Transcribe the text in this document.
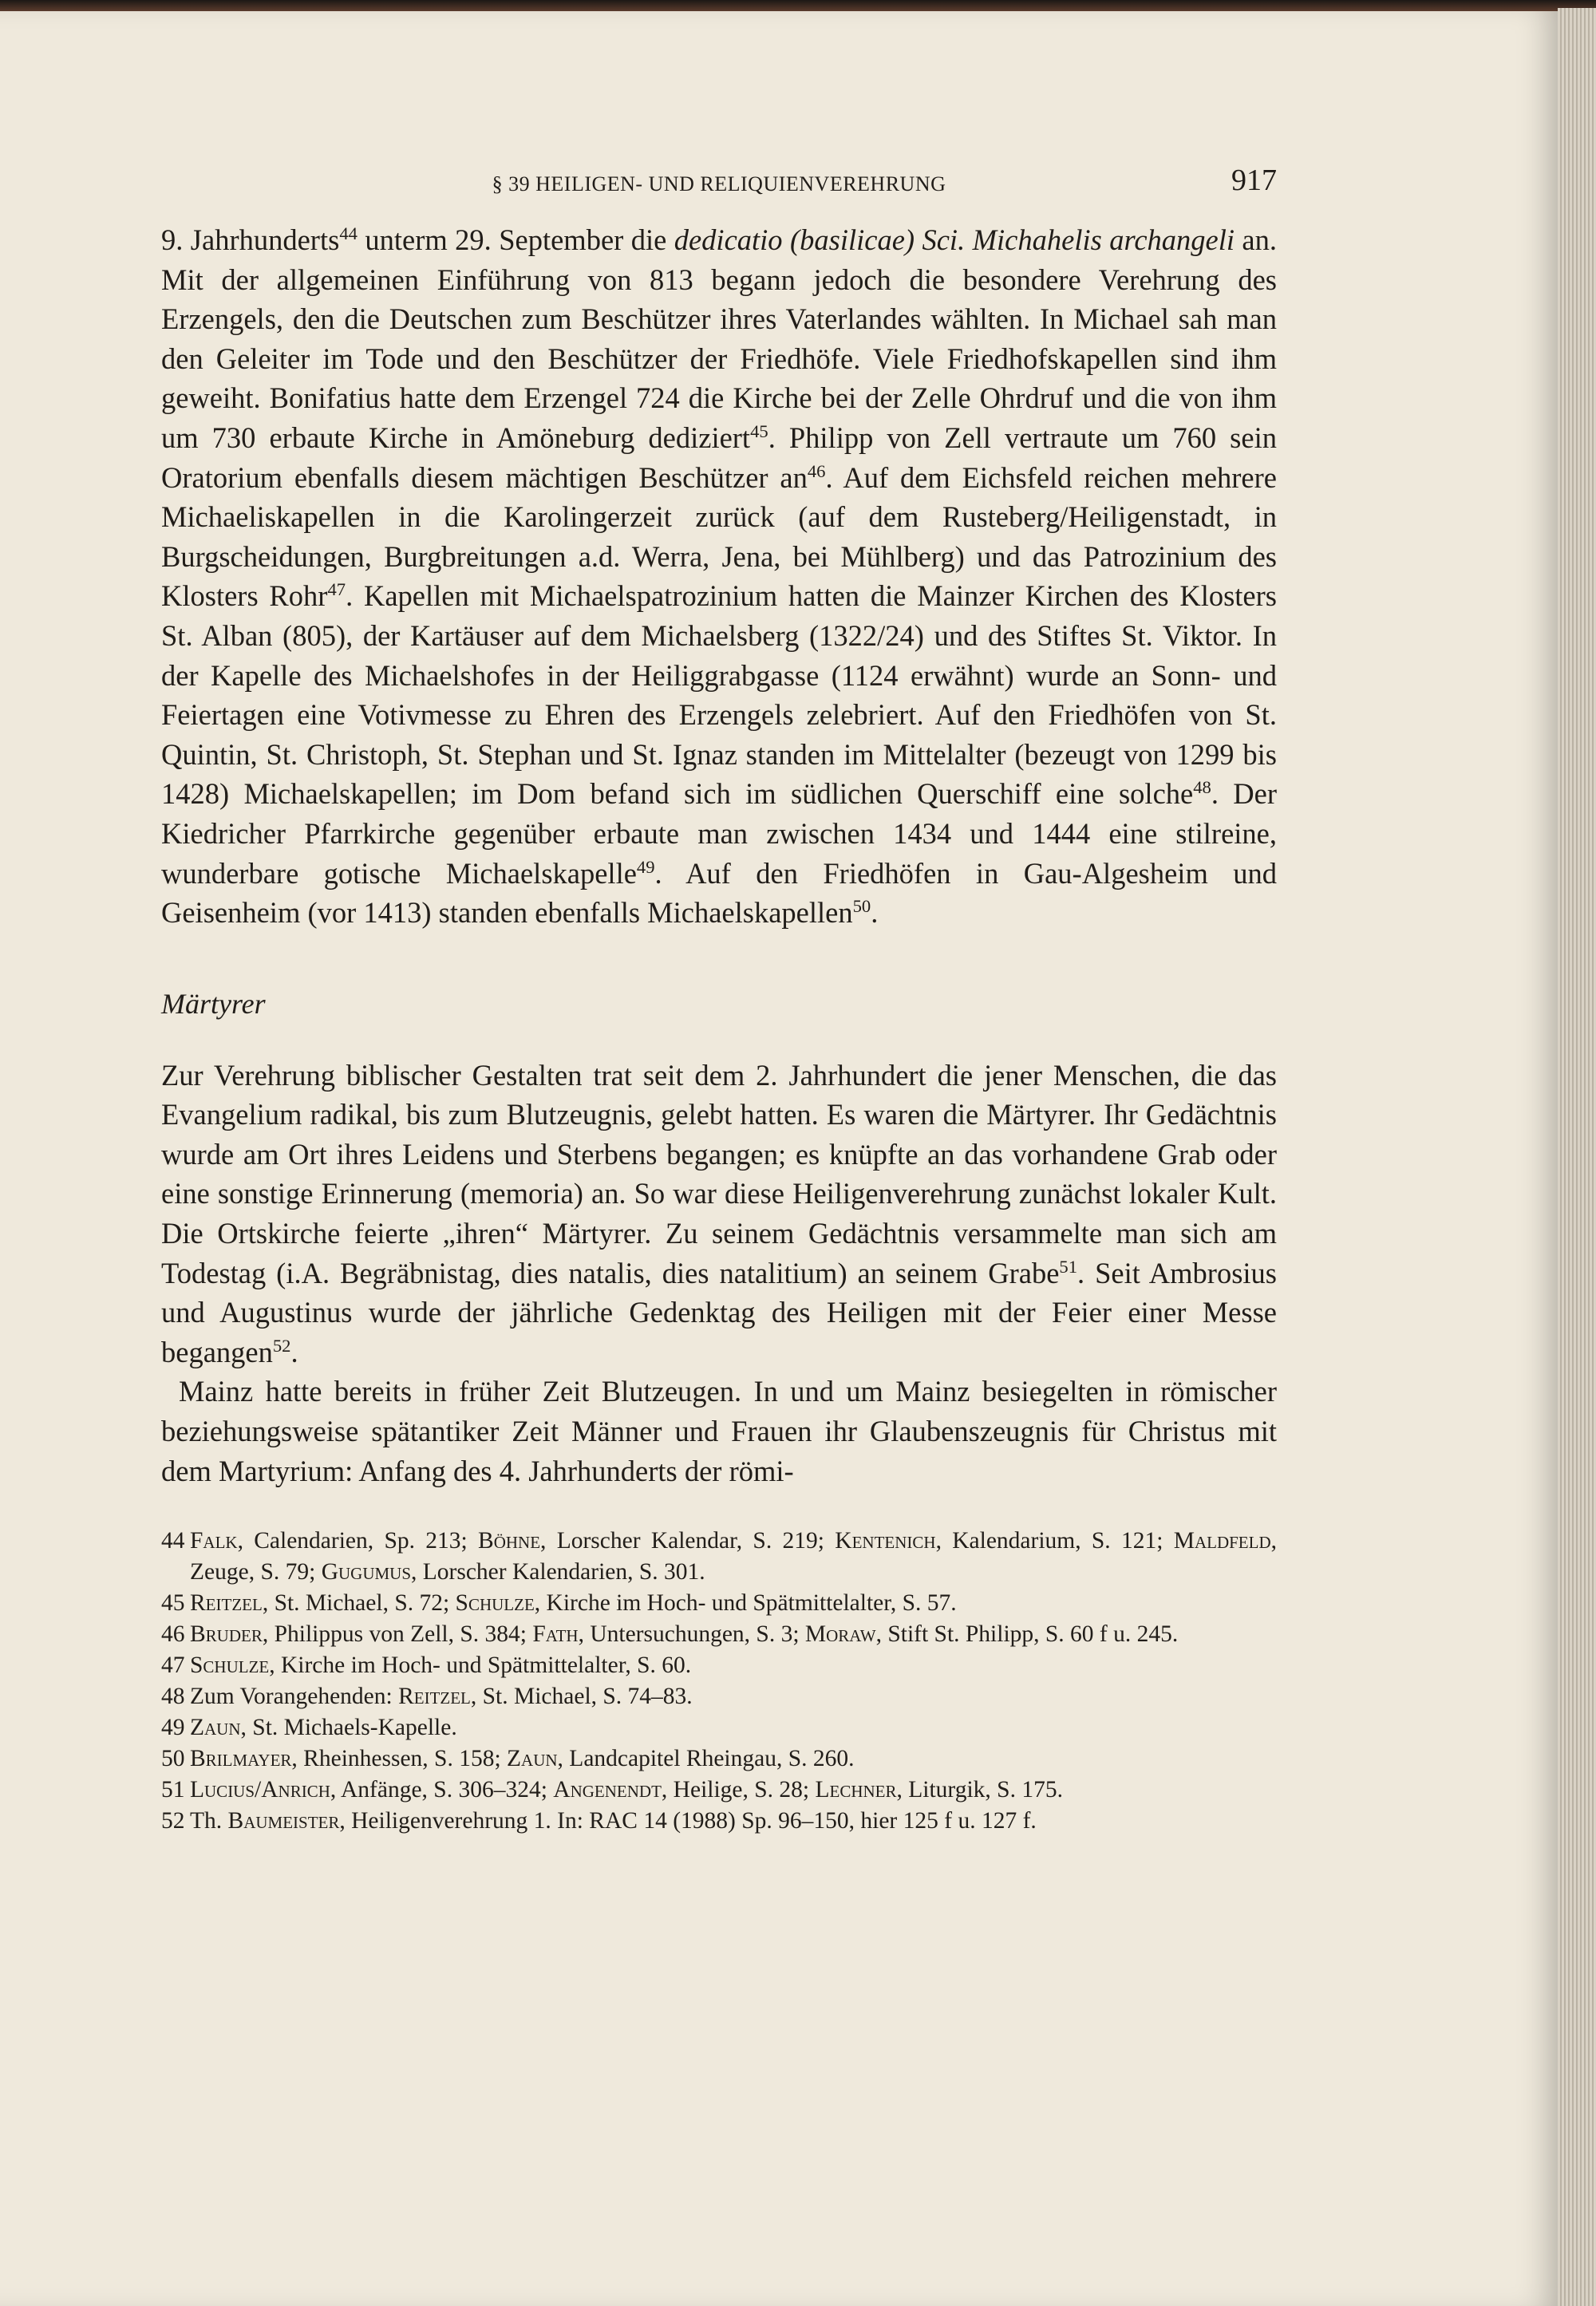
§ 39 HEILIGEN- UND RELIQUIENVEREHRUNG	917

9. Jahrhunderts$^{44}$ unterm 29. September die dedicatio (basilicae) Sci. Michahelis archangeli an. Mit der allgemeinen Einführung von 813 begann jedoch die besondere Verehrung des Erzengels, den die Deutschen zum Beschützer ihres Vaterlandes wählten. In Michael sah man den Geleiter im Tode und den Beschützer der Friedhöfe. Viele Friedhofskapellen sind ihm geweiht. Bonifatius hatte dem Erzengel 724 die Kirche bei der Zelle Ohrdruf und die von ihm um 730 erbaute Kirche in Amöneburg dediziert$^{45}$. Philipp von Zell vertraute um 760 sein Oratorium ebenfalls diesem mächtigen Beschützer $an^{46}$. Auf dem Eichsfeld reichen mehrere Michaeliskapellen in die Karolingerzeit zurück (auf dem Rusteberg/Heiligenstadt, in Burgscheidungen, Burgbreitungen a.d. Werra, Jena, bei Mühlberg) und das Patrozinium des Klosters Rohr$^{47}$. Kapellen mit Michaelspatrozinium hatten die Mainzer Kirchen des Klosters St. Alban (805), der Kartäuser auf dem Michaelsberg (1322/24) und des Stiftes St. Viktor. In der Kapelle des Michaelshofes in der Heiliggrabgasse (1124 erwähnt) wurde an Sonn- und Feiertagen eine Votivmesse zu Ehren des Erzengels zelebriert. Auf den Friedhöfen von St. Quintin, St. Christoph, St. Stephan und St. Ignaz standen im Mittelalter (bezeugt von 1299 bis 1428) Michaelskapellen; im Dom befand sich im südlichen Querschiff eine solche$^{48}$. Der Kiedricher Pfarrkirche gegenüber erbaute man zwischen 1434 und 1444 eine stilreine, wunderbare gotische Michaelskapelle$^{49}$. Auf den Friedhöfen in Gau-Algesheim und Geisenheim (vor 1413) standen ebenfalls Michaelskapellen$^{50}$.

Märtyrer

Zur Verehrung biblischer Gestalten trat seit dem 2. Jahrhundert die jener Menschen, die das Evangelium radikal, bis zum Blutzeugnis, gelebt hatten. Es waren die Märtyrer. Ihr Gedächtnis wurde am Ort ihres Leidens und Sterbens begangen; es knüpfte an das vorhandene Grab oder eine sonstige Erinnerung (memoria) an. So war diese Heiligenverehrung zunächst lokaler Kult. Die Ortskirche feierte „ihren“ Märtyrer. Zu seinem Gedächtnis versammelte man sich am Todestag (i.A. Begräbnistag, dies natalis, dies natalitium) an seinem Grabe$^{51}$. Seit Ambrosius und Augustinus wurde der jährliche Gedenktag des Heiligen mit der Feier einer Messe begangen$^{52}$.

Mainz hatte bereits in früher Zeit Blutzeugen. In und um Mainz besiegelten in römischer beziehungsweise spätantiker Zeit Männer und Frauen ihr Glaubenszeugnis für Christus mit dem Martyrium: Anfang des 4. Jahrhunderts der römi-

44 Falk, Calendarien, Sp. 213; Böhne, Lorscher Kalendar, S. 219; Kentenich, Kalendarium, S. 121; Maldfeld, Zeuge, S. 79; Gugumus, Lorscher Kalendarien, S. 301.
45 Reitzel, St. Michael, S. 72; Schulze, Kirche im Hoch- und Spätmittelalter, S. 57.
46 Bruder, Philippus von Zell, S. 384; Fath, Untersuchungen, S. 3; Moraw, Stift St. Philipp, S. 60 f u. 245.
47 Schulze, Kirche im Hoch- und Spätmittelalter, S. 60.
48 Zum Vorangehenden: Reitzel, St. Michael, S. 74–83.
49 Zaun, St. Michaels-Kapelle.
50 Brilmayer, Rheinhessen, S. 158; Zaun, Landcapitel Rheingau, S. 260.
51 Lucius/Anrich, Anfänge, S. 306–324; Angenendt, Heilige, S. 28; Lechner, Liturgik, S. 175.
52 Th. Baumeister, Heiligenverehrung 1. In: RAC 14 (1988) Sp. 96–150, hier 125 f u. 127 f.
